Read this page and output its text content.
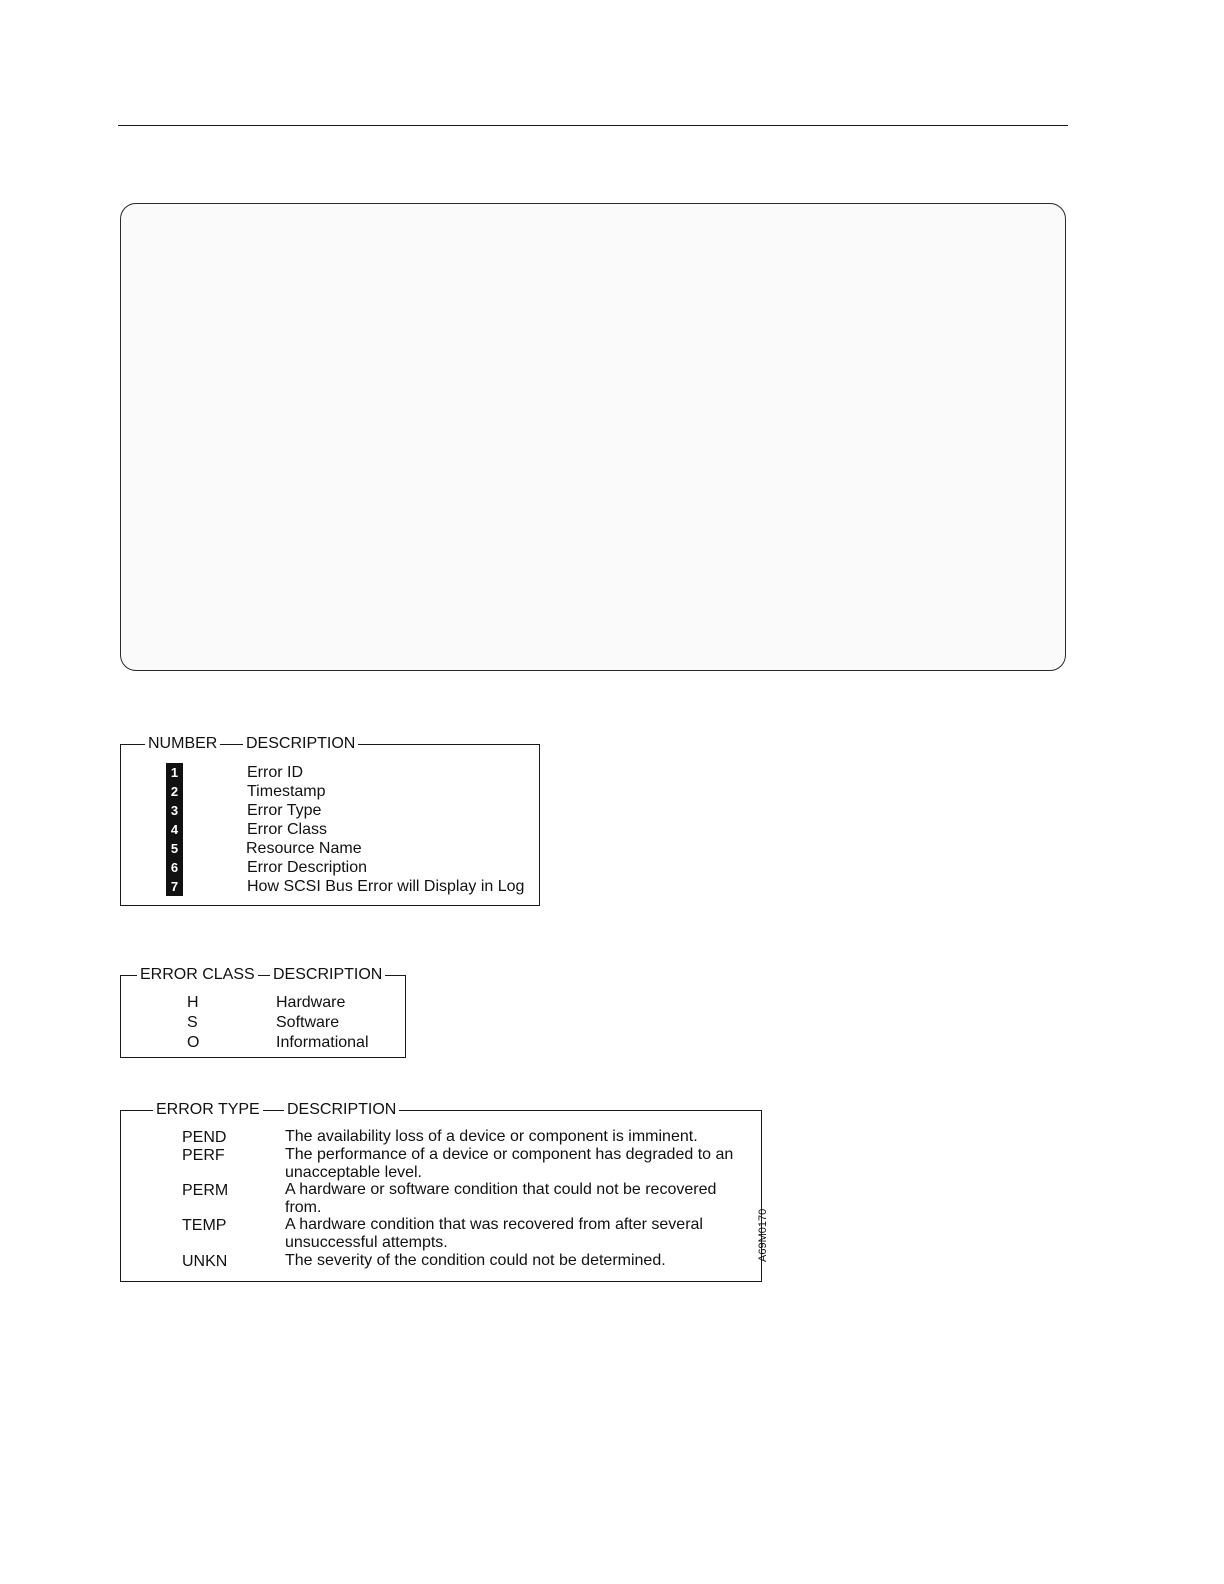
NUMBER DESCRIPTION
1	Error ID
2	Timestamp
3	Error Type
4	Error Class
5	Resource Name
6	Error Description
7	How SCSI Bus Error will Display in Log
ERROR CLASS DESCRIPTION
H	Hardware
S	Software
O	Informational
ERROR TYPE DESCRIPTION
PEND	The availability loss of a device or component is imminent.
PERF	The performance of a device or component has degraded to an unacceptable level.
PERM	A hardware or software condition that could not be recovered from.
TEMP	A hardware condition that was recovered from after several unsuccessful attempts.
UNKN	The severity of the condition could not be determined.	A69M0170
